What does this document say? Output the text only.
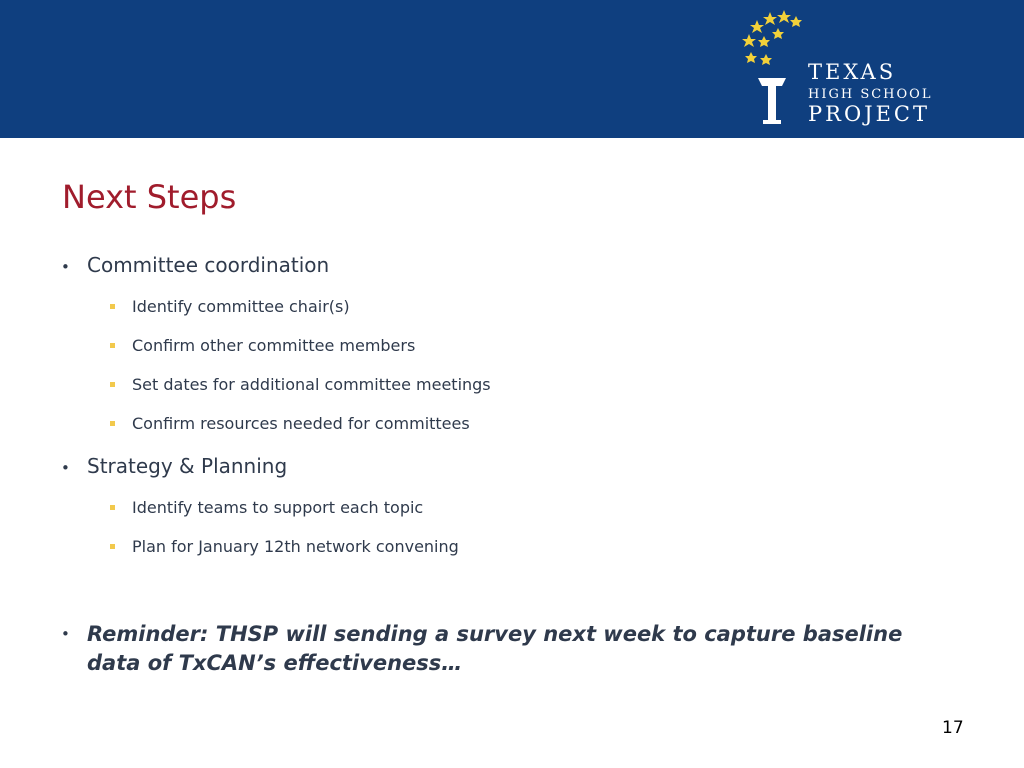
TEXAS
HIGH SCHOOL
PROJECT
Next Steps
• Committee coordination
Identify committee chair(s)
Confirm other committee members
Set dates for additional committee meetings
Confirm resources needed for committees
• Strategy & Planning
Identify teams to support each topic
Plan for January 12th network convening
• Reminder: THSP will sending a survey next week to capture baseline data of TxCAN’s effectiveness…
17
